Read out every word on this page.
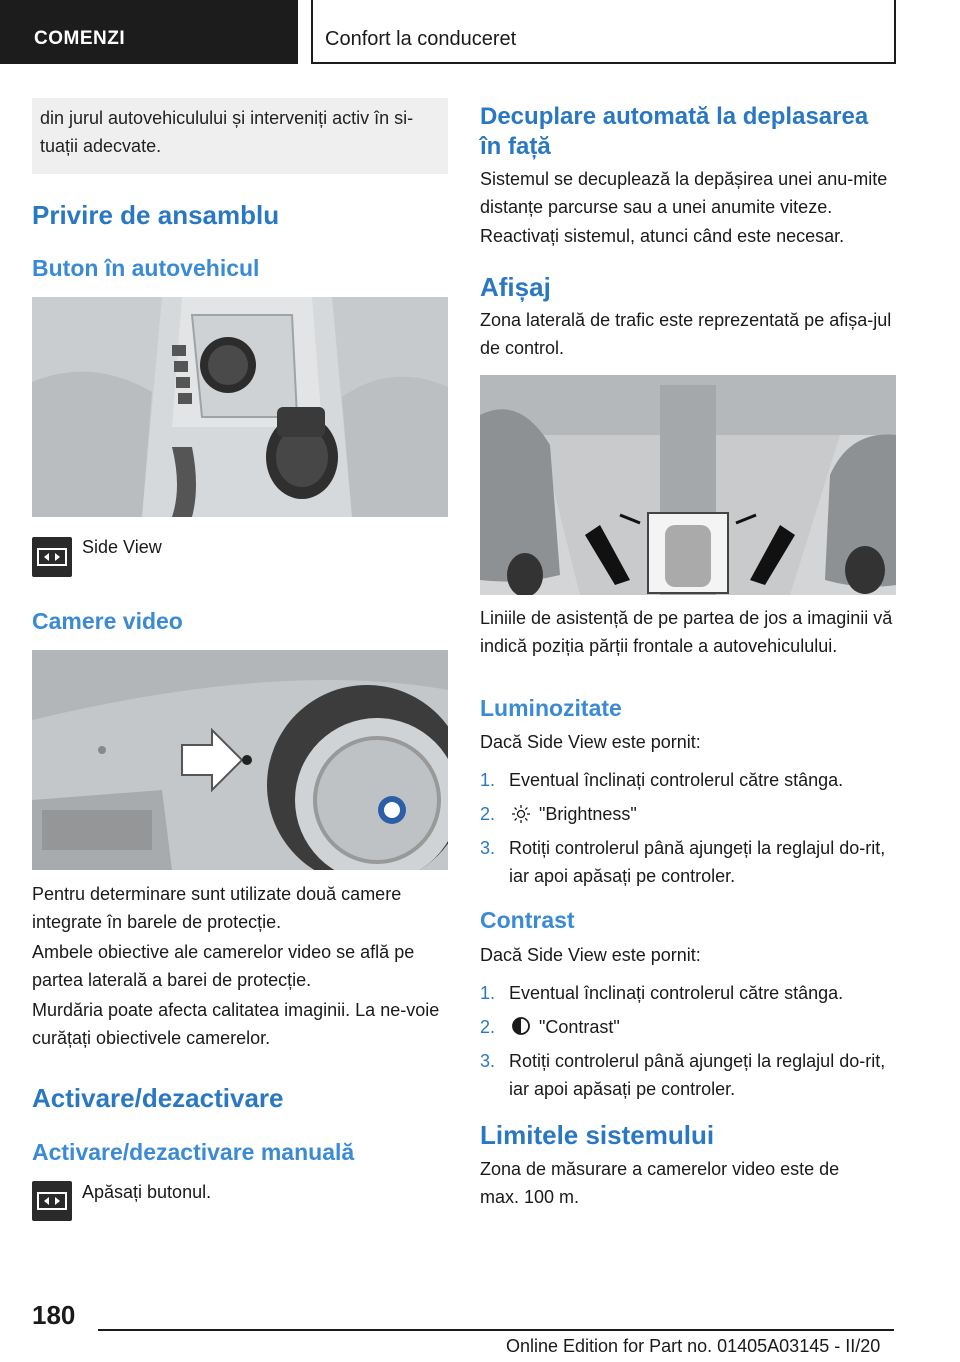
COMENZI	Confort la conduceret
din jurul autovehiculului și interveniți activ în si‐tuații adecvate.
Privire de ansamblu
Buton în autovehicul

Side View

Camere video

Pentru determinare sunt utilizate două camere integrate în barele de protecție.

Ambele obiective ale camerelor video se află pe partea laterală a barei de protecție.

Murdăria poate afecta calitatea imaginii. La ne‐voie curățați obiectivele camerelor.

Activare/dezactivare
Activare/dezactivare manuală

Apăsați butonul.

Decuplare automată la deplasarea în față

Sistemul se decuplează la depășirea unei anu‐mite distanțe parcurse sau a unei anumite viteze.

Reactivați sistemul, atunci când este necesar.

Afișaj

Zona laterală de trafic este reprezentată pe afișa‐jul de control.

Liniile de asistență de pe partea de jos a imaginii vă indică poziția părții frontale a autovehiculului.

Luminozitate

Dacă Side View este pornit:

1. Eventual înclinați controlerul către stânga.
2. "Brightness"
3. Rotiți controlerul până ajungeți la reglajul do‐rit, iar apoi apăsați pe controler.
Contrast

Dacă Side View este pornit:

1. Eventual înclinați controlerul către stânga.
2. "Contrast"
3. Rotiți controlerul până ajungeți la reglajul do‐rit, iar apoi apăsați pe controler.
Limitele sistemului

Zona de măsurare a camerelor video este de max. 100 m.

180
Online Edition for Part no. 01405A03145 - II/20
